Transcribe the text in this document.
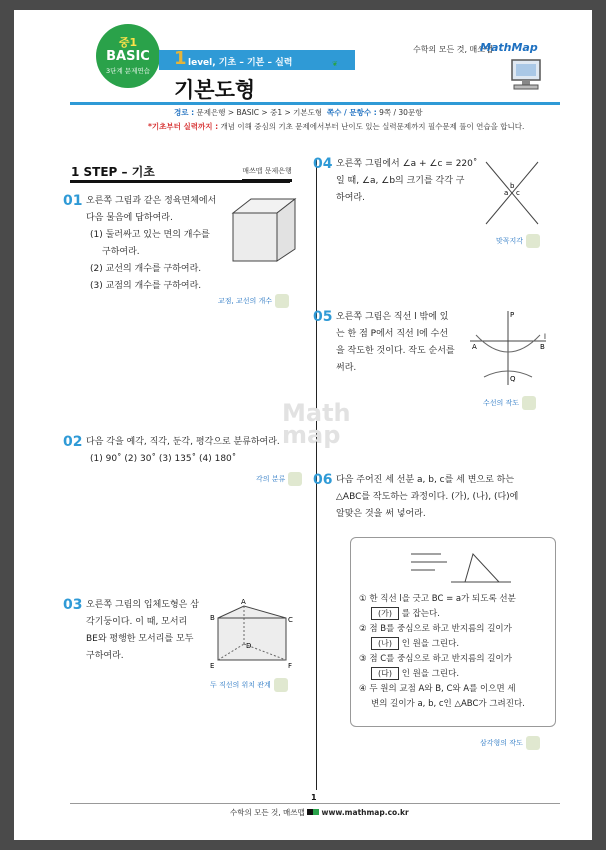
중1
BASIC
3단계 문제연습
1 level, 기초 – 기본 – 실력	❦
기본도형
수학의 모든 것, 매쓰맵
MathMap
경로 : 문제은행 > BASIC > 중1 > 기본도형 쪽수 / 문항수 : 9쪽 / 30문항
*기초부터 실력까지 : 개념 이해 중심의 기초 문제에서부터 난이도 있는 실력문제까지 필수문제 풀이 연습을 합니다.
1 STEP – 기초	매쓰맵 문제은행
Math
map
01 오른쪽 그림과 같은 정육면체에서
다음 물음에 답하여라.
(1) 둘러싸고 있는 면의 개수를
구하여라.
(2) 교선의 개수를 구하여라.
(3) 교점의 개수를 구하여라.
교점, 교선의 개수
02 다음 각을 예각, 직각, 둔각, 평각으로 분류하여라.
(1) 90˚ (2) 30˚ (3) 135˚ (4) 180˚
각의 분류
03 오른쪽 그림의 입체도형은 삼
각기둥이다. 이 때, 모서리
BE와 평행한 모서리를 모두
구하여라.
A
B	C
D
E	F
두 직선의 위치 관계
04 오른쪽 그림에서 ∠a + ∠c = 220˚
일 때, ∠a, ∠b의 크기를 각각 구
하여라.	a
b
c
맞꼭지각
05 오른쪽 그림은 직선 l 밖에 있
는 한 점 P에서 직선 l에 수선
을 작도한 것이다. 작도 순서를
써라.
P
A	B
l
Q
수선의 작도
06 다음 주어진 세 선분 a, b, c를 세 변으로 하는
△ABC를 작도하는 과정이다. (가), (나), (다)에
알맞은 것을 써 넣어라.
① 한 직선 l을 긋고 BC = a가 되도록 선분
(가) 를 잡는다.
② 점 B를 중심으로 하고 반지름의 길이가
(나) 인 원을 그린다.
③ 점 C를 중심으로 하고 반지름의 길이가
(다) 인 원을 그린다.
④ 두 원의 교점 A와 B, C와 A를 이으면 세
변의 길이가 a, b, c인 △ABC가 그려진다.
삼각형의 작도
1
수학의 모든 것, 매쓰맵 www.mathmap.co.kr
